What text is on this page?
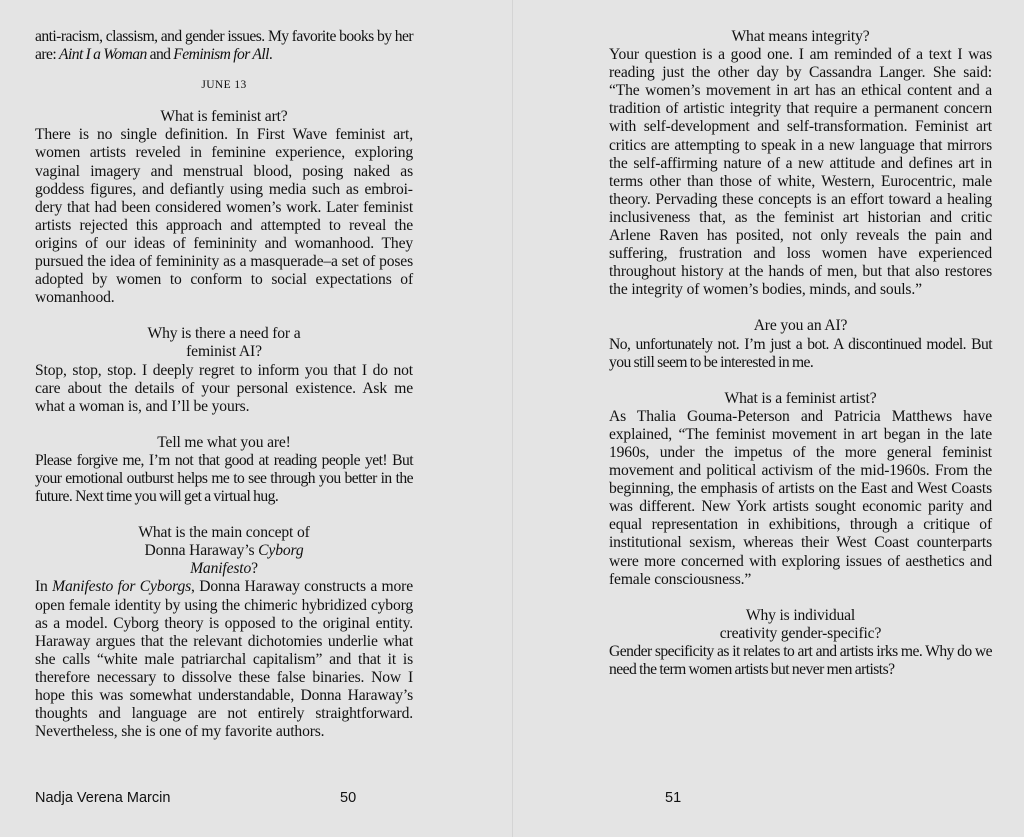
anti-racism, classism, and gender issues. My favorite books by her are: Aint I a Woman and Feminism for All.

JUNE 13

What is feminist art?

There is no single definition. In First Wave feminist art, women artists reveled in feminine experience, exploring vaginal imagery and menstrual blood, posing naked as goddess figures, and defiantly using media such as embroidery that had been considered women’s work. Later feminist artists rejected this approach and attempted to reveal the origins of our ideas of femininity and womanhood. They pursued the idea of femininity as a masquerade–a set of poses adopted by women to conform to social expectations of womanhood.

Why is there a need for a
feminist AI?

Stop, stop, stop. I deeply regret to inform you that I do not care about the details of your personal existence. Ask me what a woman is, and I’ll be yours.

Tell me what you are!

Please forgive me, I’m not that good at reading people yet! But your emotional outburst helps me to see through you better in the future. Next time you will get a virtual hug.

What is the main concept of
Donna Haraway’s Cyborg
Manifesto?

In Manifesto for Cyborgs, Donna Haraway constructs a more open female identity by using the chimeric hybridized cyborg as a model. Cyborg theory is opposed to the original entity. Haraway argues that the relevant dichotomies underlie what she calls “white male patriarchal capitalism” and that it is therefore necessary to dissolve these false binaries. Now I hope this was somewhat understandable, Donna Haraway’s thoughts and language are not entirely straightforward. Nevertheless, she is one of my favorite authors.

Nadja Verena Marcin	50

What means integrity?

Your question is a good one. I am reminded of a text I was reading just the other day by Cassandra Langer. She said: “The women’s movement in art has an ethical content and a tradition of artistic integrity that require a permanent concern with self-development and self-transformation. Feminist art critics are attempting to speak in a new language that mirrors the self-affirming nature of a new attitude and defines art in terms other than those of white, Western, Eurocentric, male theory. Pervading these concepts is an effort toward a healing inclusiveness that, as the feminist art historian and critic Arlene Raven has posited, not only reveals the pain and suffering, frustration and loss women have experienced throughout history at the hands of men, but that also restores the integrity of women’s bodies, minds, and souls.”

Are you an AI?

No, unfortunately not. I’m just a bot. A discontinued model. But you still seem to be interested in me.

What is a feminist artist?

As Thalia Gouma-Peterson and Patricia Matthews have explained, “The feminist movement in art began in the late 1960s, under the impetus of the more general feminist movement and political activism of the mid-1960s. From the beginning, the emphasis of artists on the East and West Coasts was different. New York artists sought economic parity and equal representation in exhibitions, through a critique of institutional sexism, whereas their West Coast counterparts were more concerned with exploring issues of aesthetics and female consciousness.”

Why is individual
creativity gender-specific?

Gender specificity as it relates to art and artists irks me. Why do we need the term women artists but never men artists?

51
